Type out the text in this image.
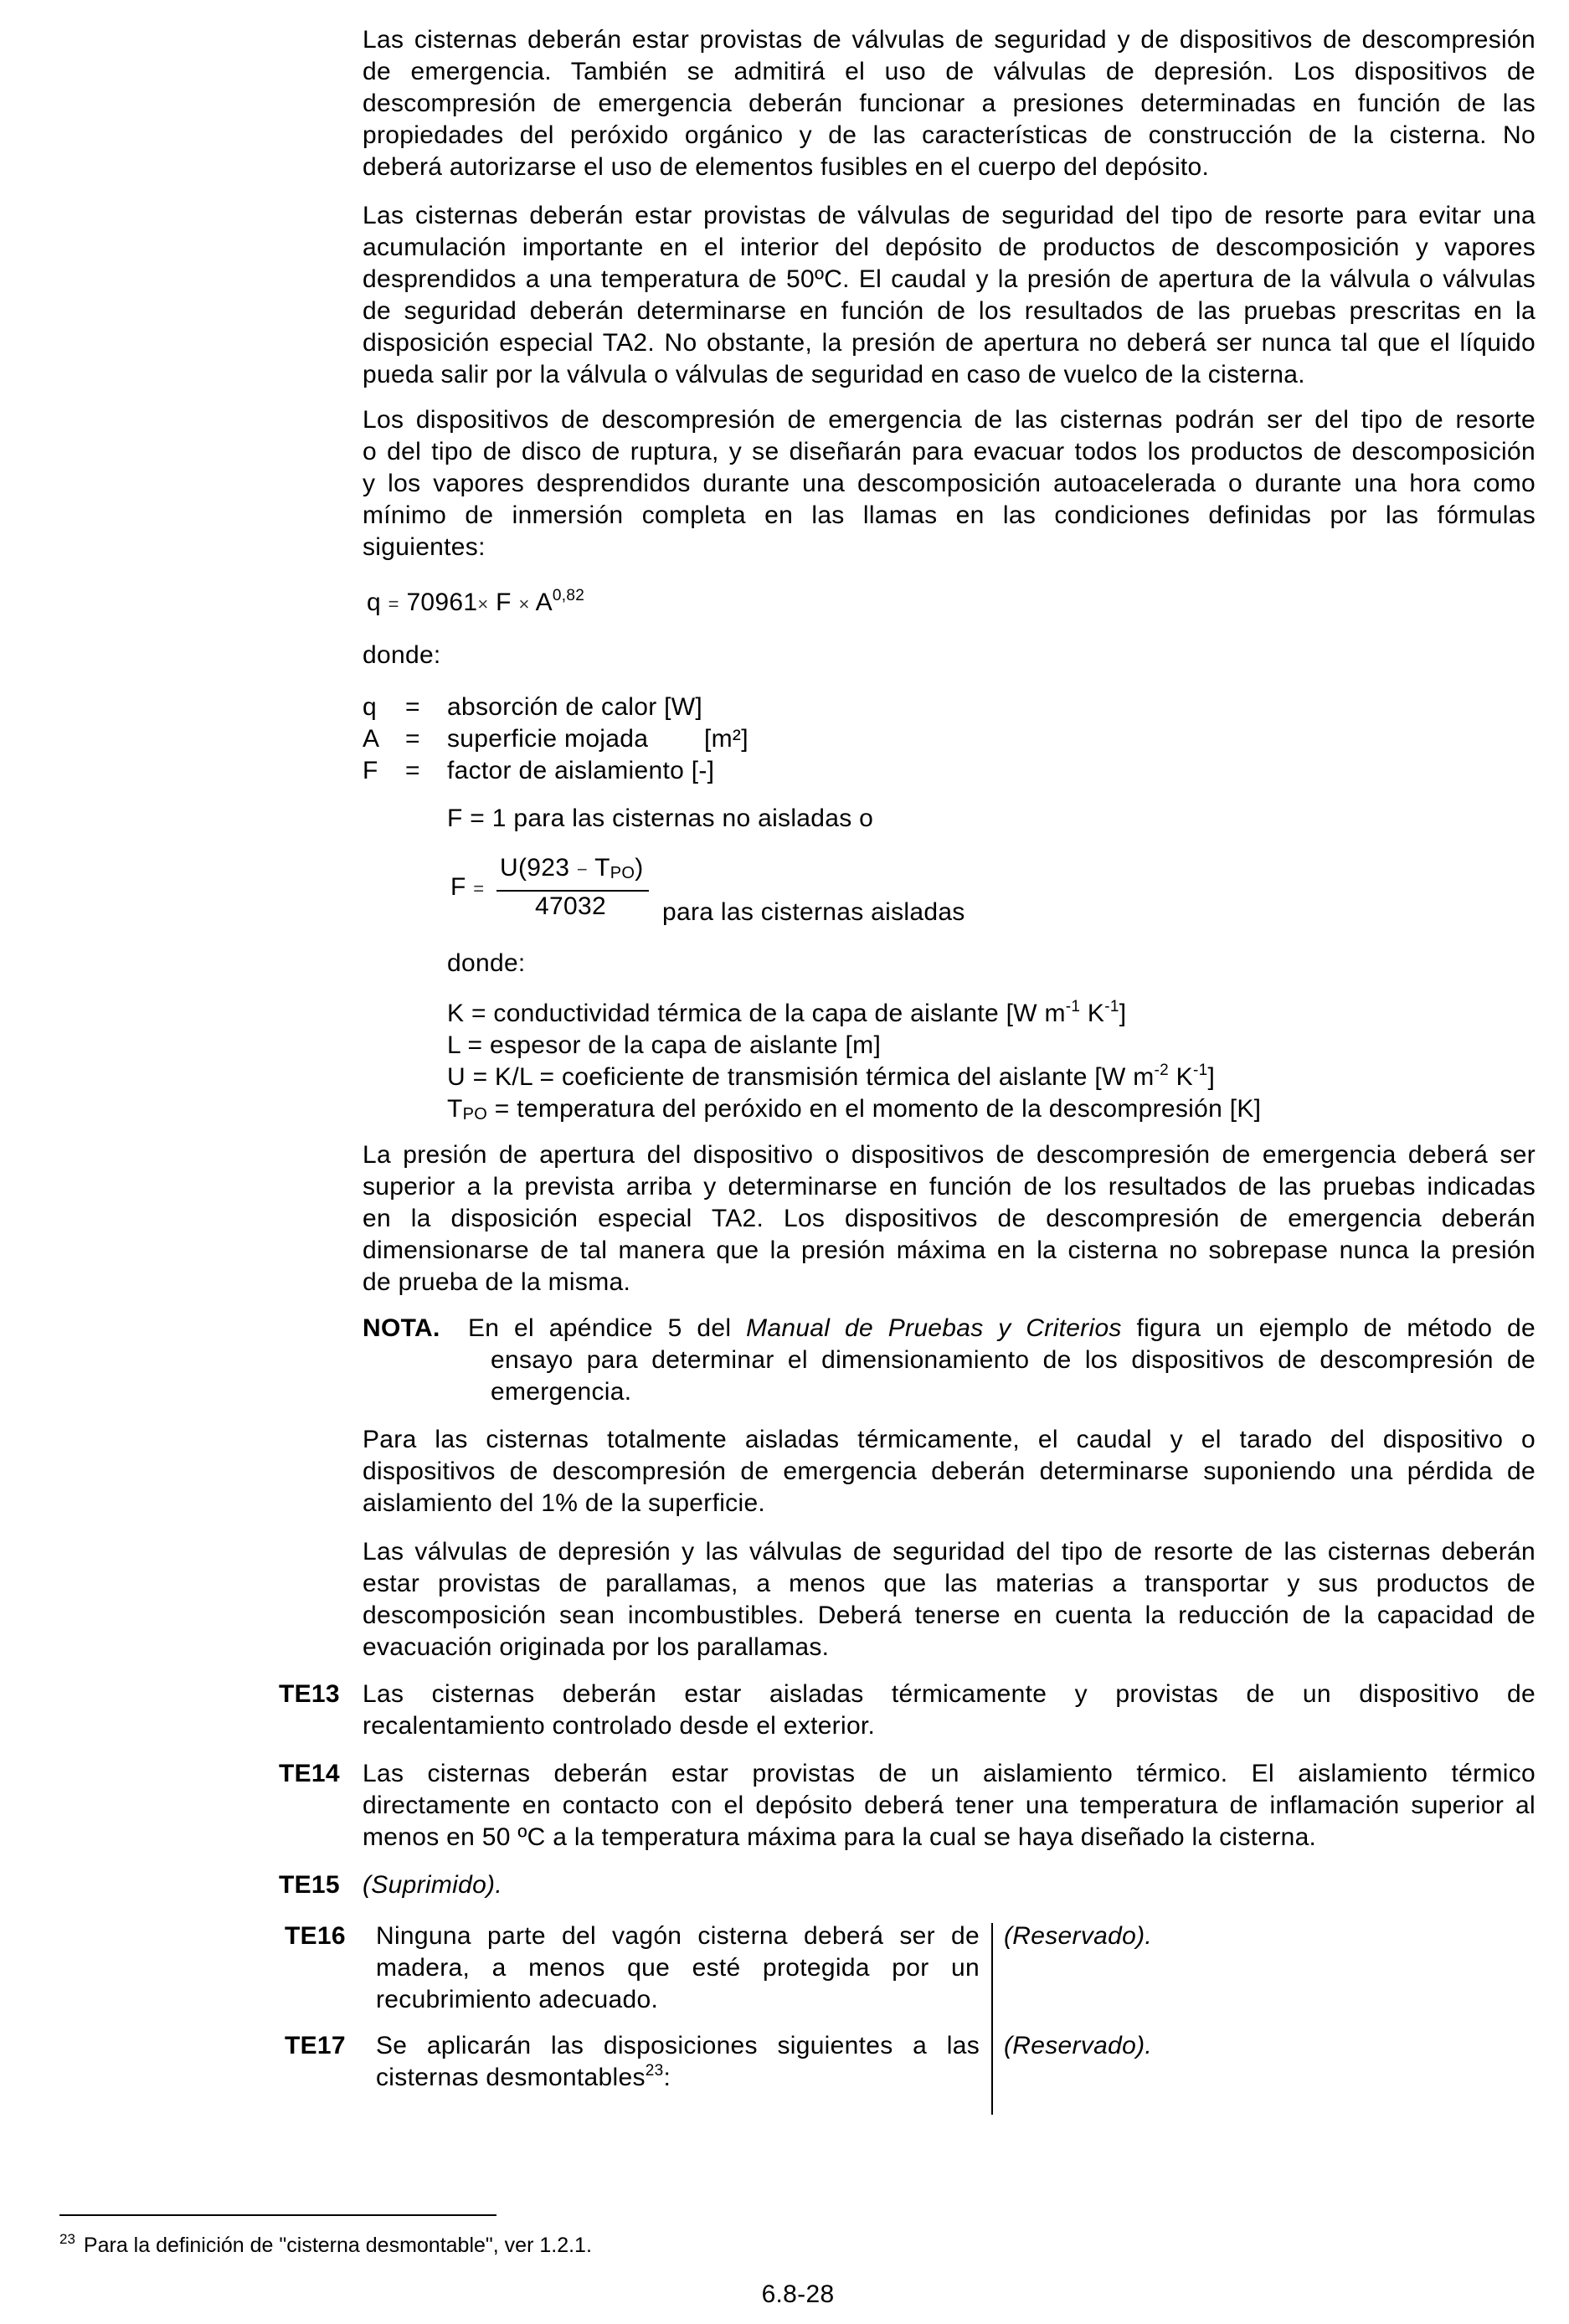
Las cisternas deberán estar provistas de válvulas de seguridad y de dispositivos de descompresión
de emergencia. También se admitirá el uso de válvulas de depresión. Los dispositivos de
descompresión de emergencia deberán funcionar a presiones determinadas en función de las
propiedades del peróxido orgánico y de las características de construcción de la cisterna. No
deberá autorizarse el uso de elementos fusibles en el cuerpo del depósito.
Las cisternas deberán estar provistas de válvulas de seguridad del tipo de resorte para evitar una
acumulación importante en el interior del depósito de productos de descomposición y vapores
desprendidos a una temperatura de 50ºC. El caudal y la presión de apertura de la válvula o válvulas
de seguridad deberán determinarse en función de los resultados de las pruebas prescritas en la
disposición especial TA2. No obstante, la presión de apertura no deberá ser nunca tal que el líquido
pueda salir por la válvula o válvulas de seguridad en caso de vuelco de la cisterna.
Los dispositivos de descompresión de emergencia de las cisternas podrán ser del tipo de resorte
o del tipo de disco de ruptura, y se diseñarán para evacuar todos los productos de descomposición
y los vapores desprendidos durante una descomposición autoacelerada o durante una hora como
mínimo de inmersión completa en las llamas en las condiciones definidas por las fórmulas
siguientes:
q = 70961× F × A$^{0,82}$
donde:
q = absorción de calor [W]
A = superficie mojada [m²]
F = factor de aislamiento [-]
F = 1 para las cisternas no aisladas o
F =
U(923 − TPO)
47032 para las cisternas aisladas
donde:
K = conductividad térmica de la capa de aislante [W $m^{-1}$ $K^{-1}$]
L = espesor de la capa de aislante [m]
U = K/L = coeficiente de transmisión térmica del aislante [W $m^{-2}$ $K^{-1}$]
TPO = temperatura del peróxido en el momento de la descompresión [K]
La presión de apertura del dispositivo o dispositivos de descompresión de emergencia deberá ser
superior a la prevista arriba y determinarse en función de los resultados de las pruebas indicadas
en la disposición especial TA2. Los dispositivos de descompresión de emergencia deberán
dimensionarse de tal manera que la presión máxima en la cisterna no sobrepase nunca la presión
de prueba de la misma.
NOTA. En el apéndice 5 del Manual de Pruebas y Criterios figura un ejemplo de método de
ensayo para determinar el dimensionamiento de los dispositivos de descompresión de
emergencia.
Para las cisternas totalmente aisladas térmicamente, el caudal y el tarado del dispositivo o
dispositivos de descompresión de emergencia deberán determinarse suponiendo una pérdida de
aislamiento del 1% de la superficie.
Las válvulas de depresión y las válvulas de seguridad del tipo de resorte de las cisternas deberán
estar provistas de parallamas, a menos que las materias a transportar y sus productos de
descomposición sean incombustibles. Deberá tenerse en cuenta la reducción de la capacidad de
evacuación originada por los parallamas.
TE13 Las cisternas deberán estar aisladas térmicamente y provistas de un dispositivo de
recalentamiento controlado desde el exterior.
TE14 Las cisternas deberán estar provistas de un aislamiento térmico. El aislamiento térmico
directamente en contacto con el depósito deberá tener una temperatura de inflamación superior al
menos en 50 ºC a la temperatura máxima para la cual se haya diseñado la cisterna.
TE15 (Suprimido).
TE16 Ninguna parte del vagón cisterna deberá ser de
madera, a menos que esté protegida por un
recubrimiento adecuado.
(Reservado).
TE17 Se aplicarán las disposiciones siguientes a las
cisternas desmontables$^{23}$:
(Reservado).
$^{23}$ Para la definición de "cisterna desmontable", ver 1.2.1.
6.8-28
